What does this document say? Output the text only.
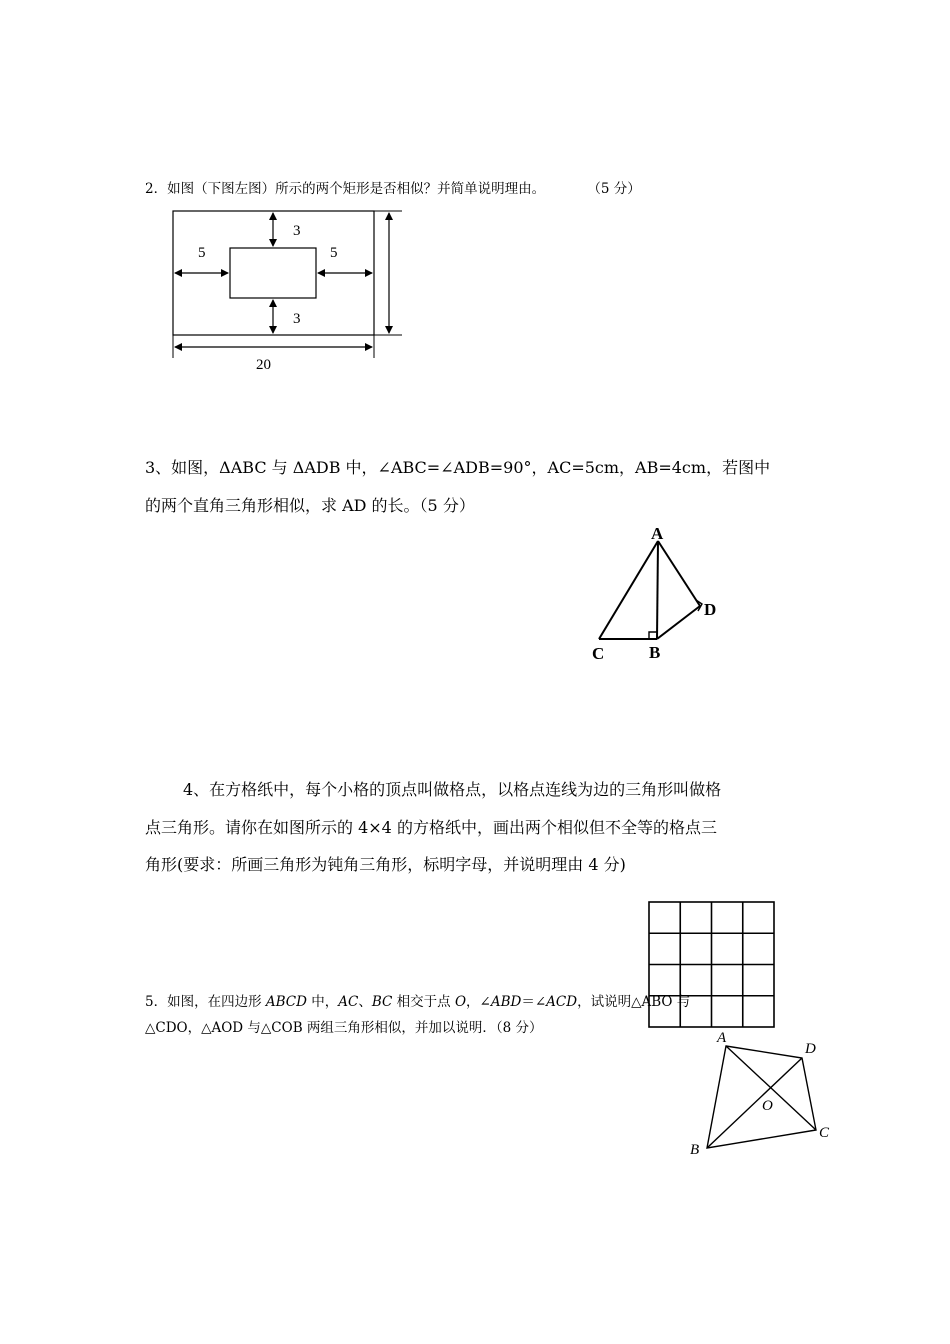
2．如图（下图左图）所示的两个矩形是否相似？并简单说明理由。	（5 分）
3
3
5	5
20
3、如图，ΔABC 与 ΔADB 中，∠ABC=∠ADB=90°，AC=5cm，AB=4cm，若图中
的两个直角三角形相似，求 AD 的长。（5 分）
A
C	B
D
4、在方格纸中，每个小格的顶点叫做格点，以格点连线为边的三角形叫做格
点三角形。请你在如图所示的 4×4 的方格纸中，画出两个相似但不全等的格点三
角形(要求：所画三角形为钝角三角形，标明字母，并说明理由 4 分)
5．如图，在四边形 ABCD 中，AC、BC 相交于点 O，∠ABD＝∠ACD，试说明△ABO 与
△CDO，△AOD 与△COB 两组三角形相似，并加以说明．（8 分）
A
D
C
B
O
